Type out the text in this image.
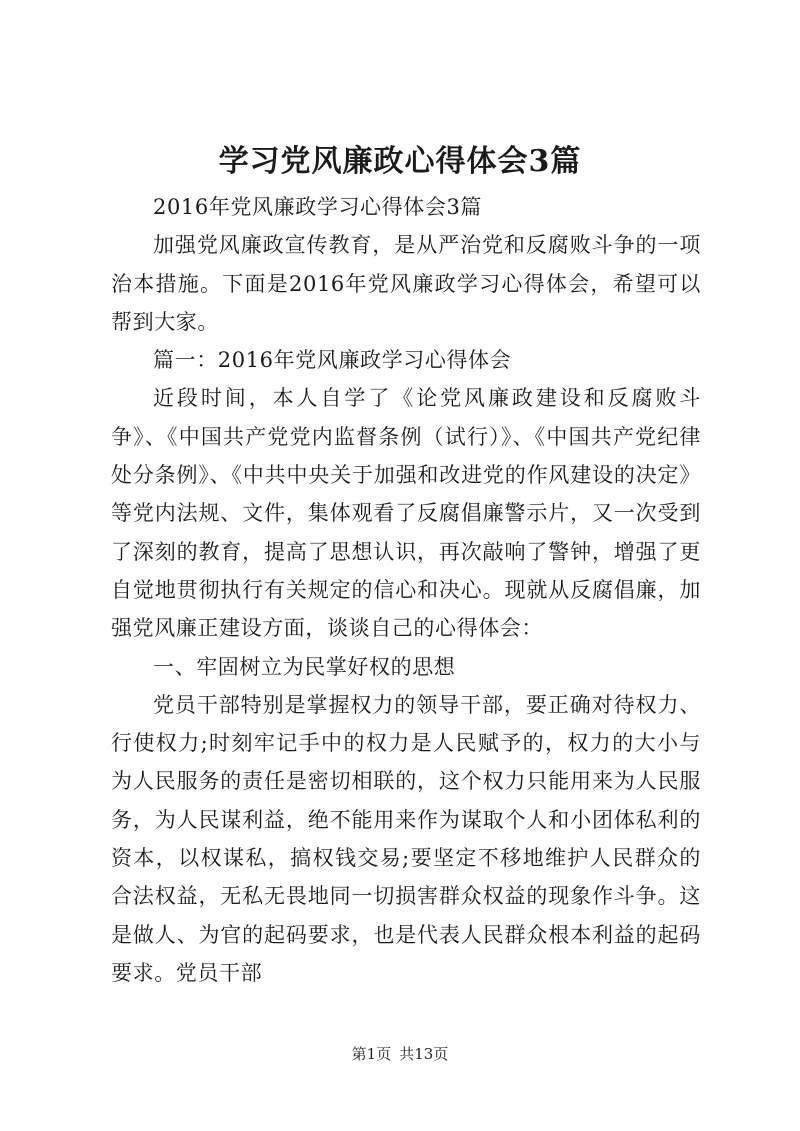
学习党风廉政心得体会3篇

2016年党风廉政学习心得体会3篇

加强党风廉政宣传教育，是从严治党和反腐败斗争的一项治本措施。下面是2016年党风廉政学习心得体会，希望可以帮到大家。

篇一：2016年党风廉政学习心得体会

近段时间，本人自学了《论党风廉政建设和反腐败斗争》、《中国共产党党内监督条例（试行）》、《中国共产党纪律处分条例》、《中共中央关于加强和改进党的作风建设的决定》等党内法规、文件，集体观看了反腐倡廉警示片，又一次受到了深刻的教育，提高了思想认识，再次敲响了警钟，增强了更自觉地贯彻执行有关规定的信心和决心。现就从反腐倡廉，加强党风廉正建设方面，谈谈自己的心得体会：

一、牢固树立为民掌好权的思想

党员干部特别是掌握权力的领导干部，要正确对待权力、行使权力;时刻牢记手中的权力是人民赋予的，权力的大小与为人民服务的责任是密切相联的，这个权力只能用来为人民服务，为人民谋利益，绝不能用来作为谋取个人和小团体私利的资本，以权谋私，搞权钱交易;要坚定不移地维护人民群众的合法权益，无私无畏地同一切损害群众权益的现象作斗争。这是做人、为官的起码要求，也是代表人民群众根本利益的起码要求。党员干部

第1页 共13页
